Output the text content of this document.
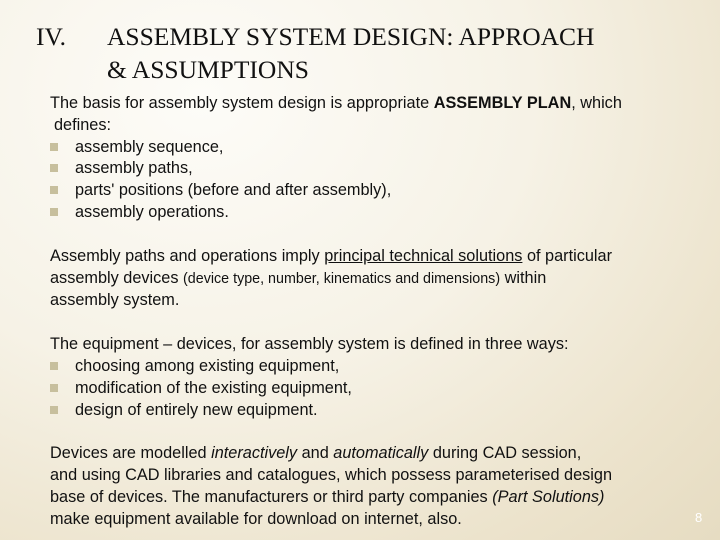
IV. ASSEMBLY SYSTEM DESIGN: APPROACH
& ASSUMPTIONS
The basis for assembly system design is appropriate ASSEMBLY PLAN, which
defines:
assembly sequence,
assembly paths,
parts' positions (before and after assembly),
assembly operations.
Assembly paths and operations imply principal technical solutions of particular
assembly devices (device type, number, kinematics and dimensions) within
assembly system.
The equipment – devices, for assembly system is defined in three ways:
choosing among existing equipment,
modification of the existing equipment,
design of entirely new equipment.
Devices are modelled interactively and automatically during CAD session,
and using CAD libraries and catalogues, which possess parameterised design
base of devices. The manufacturers or third party companies (Part Solutions)
make equipment available for download on internet, also.	8
